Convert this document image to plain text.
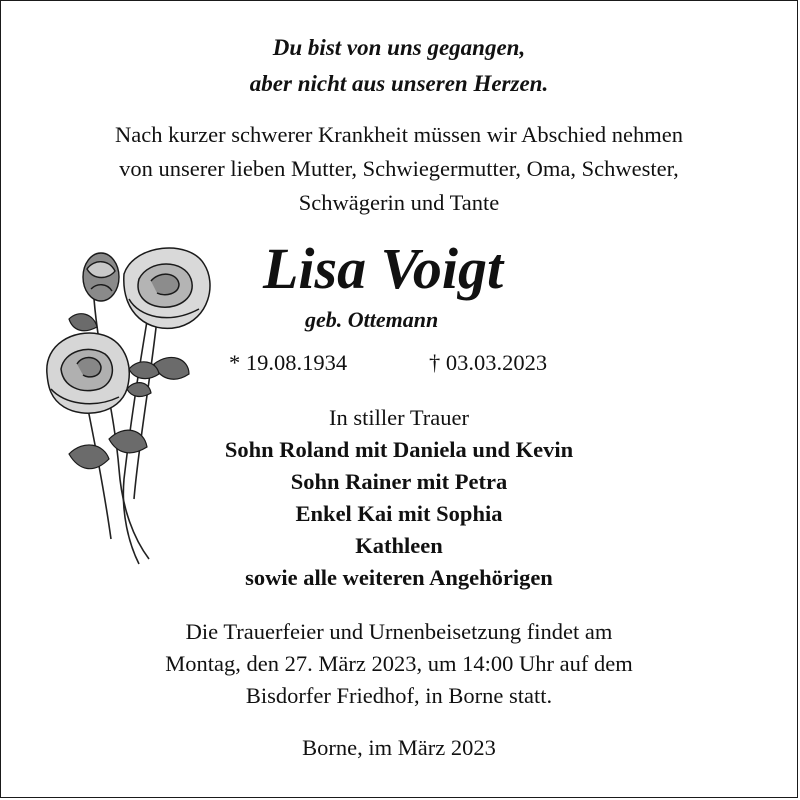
Du bist von uns gegangen,
aber nicht aus unseren Herzen.
Nach kurzer schwerer Krankheit müssen wir Abschied nehmen
von unserer lieben Mutter, Schwiegermutter, Oma, Schwester,
Schwägerin und Tante
Lisa Voigt
geb. Ottemann
* 19.08.1934	† 03.03.2023
In stiller Trauer
Sohn Roland mit Daniela und Kevin
Sohn Rainer mit Petra
Enkel Kai mit Sophia
Kathleen
sowie alle weiteren Angehörigen
Die Trauerfeier und Urnenbeisetzung findet am
Montag, den 27. März 2023, um 14:00 Uhr auf dem
Bisdorfer Friedhof, in Borne statt.
Borne, im März 2023
